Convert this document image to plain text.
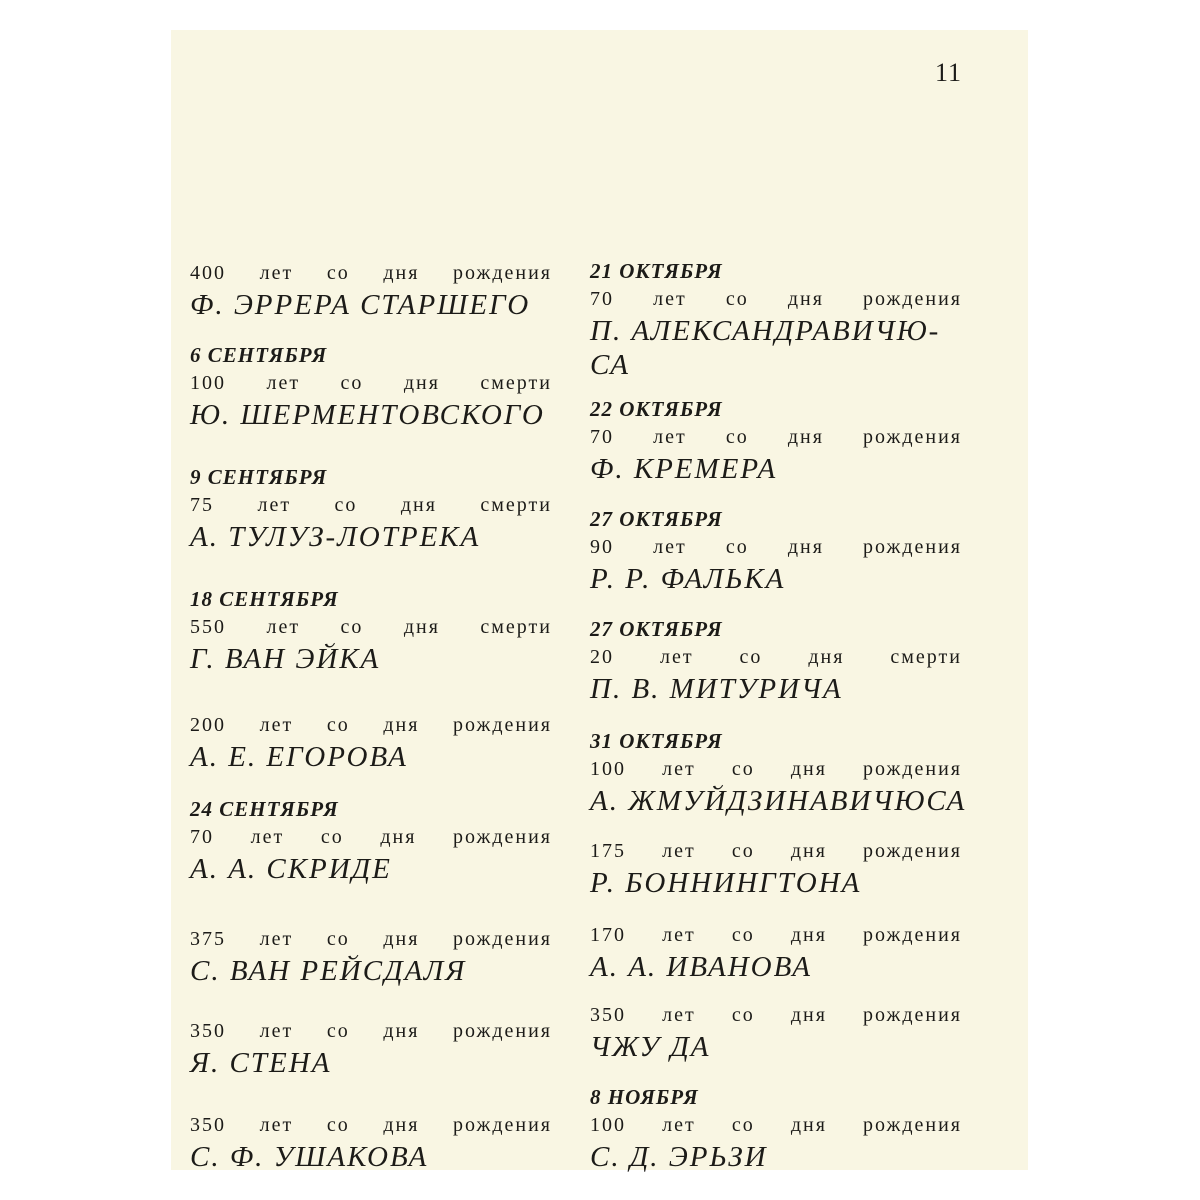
11
400 лет со дня рождения
Ф. ЭРРЕРА СТАРШЕГО
6 СЕНТЯБРЯ
100 лет со дня смерти
Ю. ШЕРМЕНТОВСКОГО
9 СЕНТЯБРЯ
75 лет со дня смерти
А. ТУЛУЗ-ЛОТРЕКА
18 СЕНТЯБРЯ
550 лет со дня смерти
Г. ВАН ЭЙКА
200 лет со дня рождения
А. Е. ЕГОРОВА
24 СЕНТЯБРЯ
70 лет со дня рождения
А. А. СКРИДЕ
375 лет со дня рождения
С. ВАН РЕЙСДАЛЯ
350 лет со дня рождения
Я. СТЕНА
350 лет со дня рождения
С. Ф. УШАКОВА
21 ОКТЯБРЯ
70 лет со дня рождения
П. АЛЕКСАНДРАВИЧЮ-
СА
22 ОКТЯБРЯ
70 лет со дня рождения
Ф. КРЕМЕРА
27 ОКТЯБРЯ
90 лет со дня рождения
Р. Р. ФАЛЬКА
27 ОКТЯБРЯ
20 лет со дня смерти
П. В. МИТУРИЧА
31 ОКТЯБРЯ
100 лет со дня рождения
А. ЖМУЙДЗИНАВИЧЮСА
175 лет со дня рождения
Р. БОННИНГТОНА
170 лет со дня рождения
А. А. ИВАНОВА
350 лет со дня рождения
ЧЖУ ДА
8 НОЯБРЯ
100 лет со дня рождения
С. Д. ЭРЬЗИ
